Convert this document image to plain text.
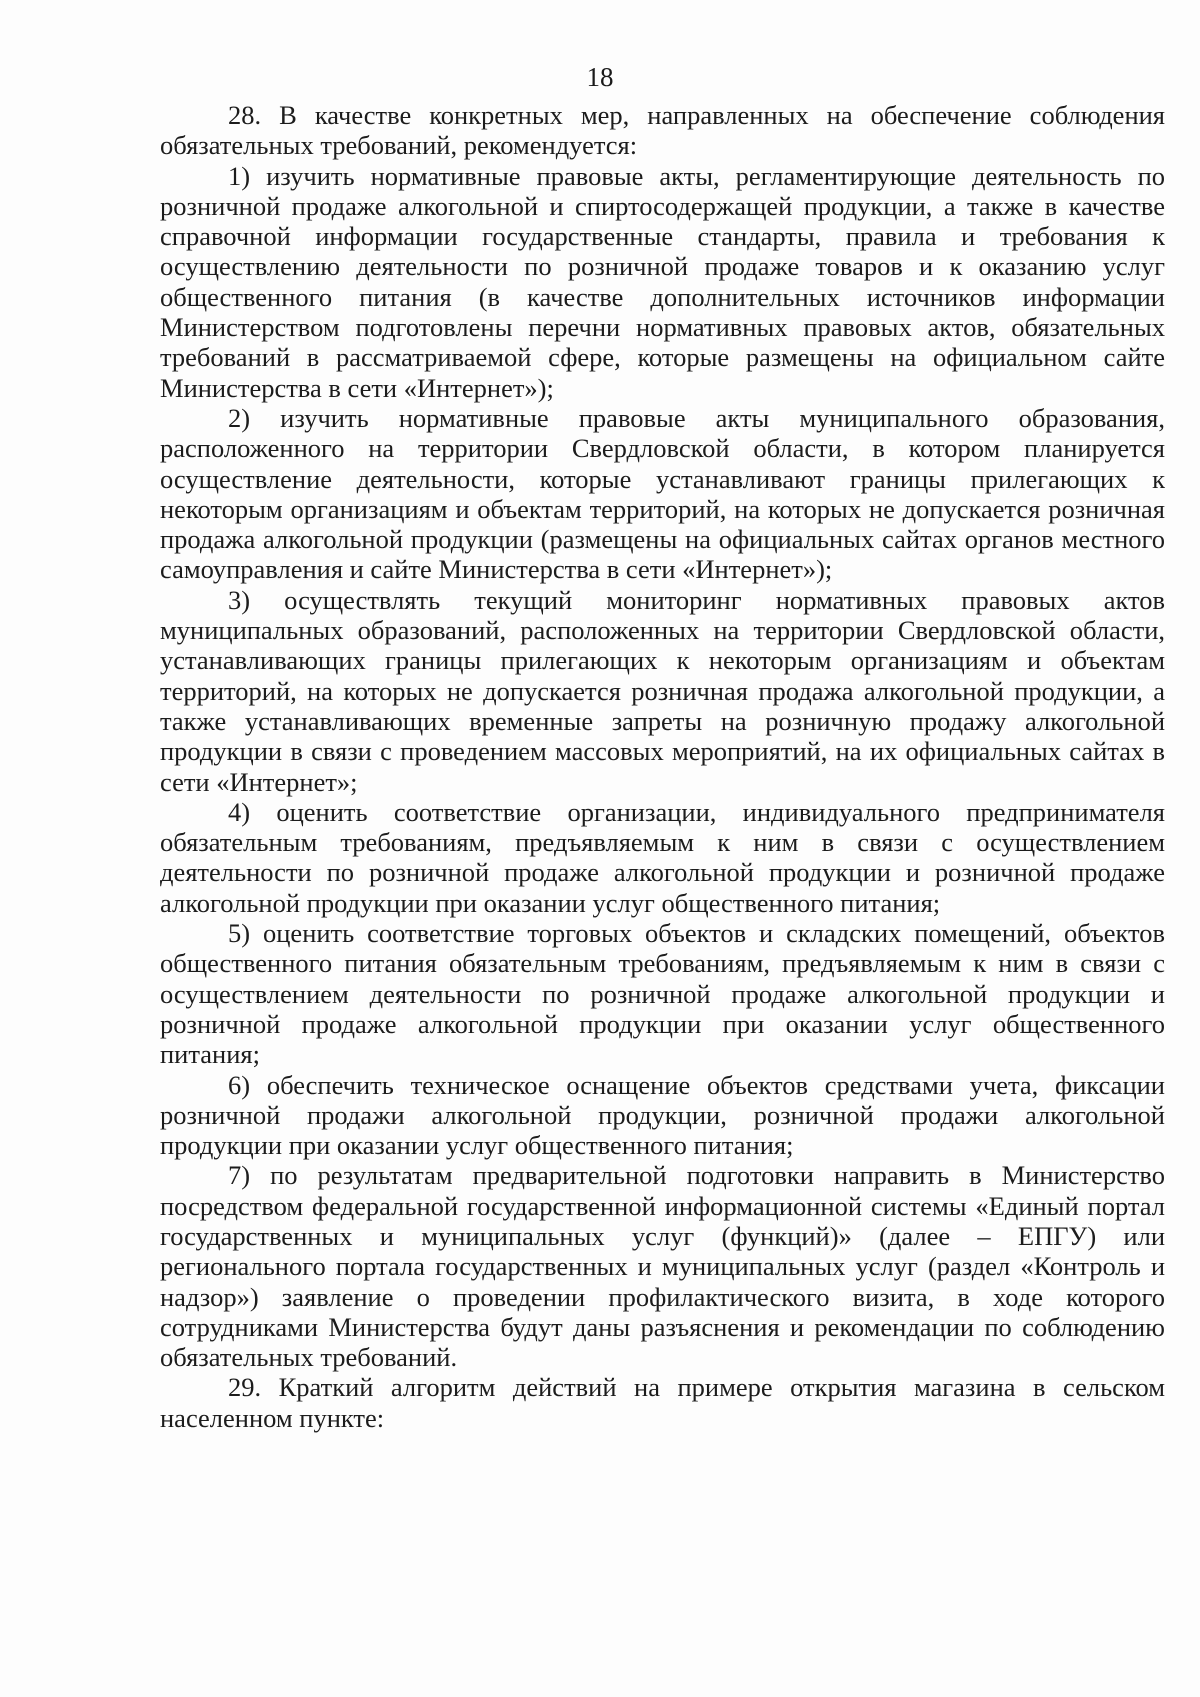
18

28. В качестве конкретных мер, направленных на обеспечение соблюдения обязательных требований, рекомендуется:

1) изучить нормативные правовые акты, регламентирующие деятельность по розничной продаже алкогольной и спиртосодержащей продукции, а также в качестве справочной информации государственные стандарты, правила и требования к осуществлению деятельности по розничной продаже товаров и к оказанию услуг общественного питания (в качестве дополнительных источников информации Министерством подготовлены перечни нормативных правовых актов, обязательных требований в рассматриваемой сфере, которые размещены на официальном сайте Министерства в сети «Интернет»);

2) изучить нормативные правовые акты муниципального образования, расположенного на территории Свердловской области, в котором планируется осуществление деятельности, которые устанавливают границы прилегающих к некоторым организациям и объектам территорий, на которых не допускается розничная продажа алкогольной продукции (размещены на официальных сайтах органов местного самоуправления и сайте Министерства в сети «Интернет»);

3) осуществлять текущий мониторинг нормативных правовых актов муниципальных образований, расположенных на территории Свердловской области, устанавливающих границы прилегающих к некоторым организациям и объектам территорий, на которых не допускается розничная продажа алкогольной продукции, а также устанавливающих временные запреты на розничную продажу алкогольной продукции в связи с проведением массовых мероприятий, на их официальных сайтах в сети «Интернет»;

4) оценить соответствие организации, индивидуального предпринимателя обязательным требованиям, предъявляемым к ним в связи с осуществлением деятельности по розничной продаже алкогольной продукции и розничной продаже алкогольной продукции при оказании услуг общественного питания;

5) оценить соответствие торговых объектов и складских помещений, объектов общественного питания обязательным требованиям, предъявляемым к ним в связи с осуществлением деятельности по розничной продаже алкогольной продукции и розничной продаже алкогольной продукции при оказании услуг общественного питания;

6) обеспечить техническое оснащение объектов средствами учета, фиксации розничной продажи алкогольной продукции, розничной продажи алкогольной продукции при оказании услуг общественного питания;

7) по результатам предварительной подготовки направить в Министерство посредством федеральной государственной информационной системы «Единый портал государственных и муниципальных услуг (функций)» (далее – ЕПГУ) или регионального портала государственных и муниципальных услуг (раздел «Контроль и надзор») заявление о проведении профилактического визита, в ходе которого сотрудниками Министерства будут даны разъяснения и рекомендации по соблюдению обязательных требований.

29. Краткий алгоритм действий на примере открытия магазина в сельском населенном пункте:
